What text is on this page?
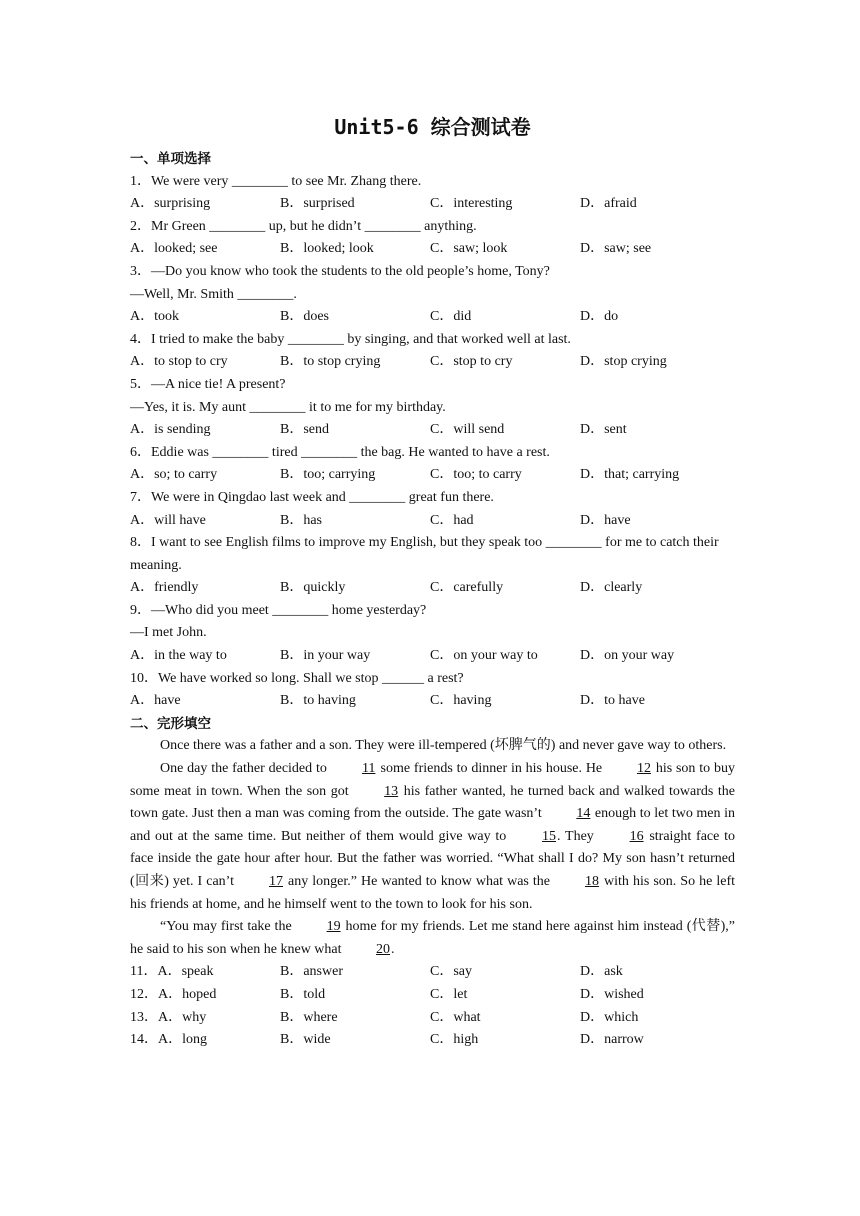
Unit5-6 综合测试卷
一、单项选择
1．We were very ________ to see Mr. Zhang there.
A．surprising	B．surprised	C．interesting	D．afraid
2．Mr Green ________ up, but he didn’t ________ anything.
A．looked; see	B．looked; look	C．saw; look	D．saw; see
3．—Do you know who took the students to the old people’s home, Tony?
—Well, Mr. Smith ________.
A．took	B．does	C．did	D．do
4．I tried to make the baby ________ by singing, and that worked well at last.
A．to stop to cry	B．to stop crying	C．stop to cry	D．stop crying
5．—A nice tie! A present?
—Yes, it is. My aunt ________ it to me for my birthday.
A．is sending	B．send	C．will send	D．sent
6．Eddie was ________ tired ________ the bag. He wanted to have a rest.
A．so; to carry	B．too; carrying	C．too; to carry	D．that; carrying
7．We were in Qingdao last week and ________ great fun there.
A．will have	B．has	C．had	D．have
8．I want to see English films to improve my English, but they speak too ________ for me to catch their meaning.
A．friendly	B．quickly	C．carefully	D．clearly
9．—Who did you meet ________ home yesterday?
—I met John.
A．in the way to	B．in your way	C．on your way to	D．on your way
10．We have worked so long. Shall we stop ______ a rest?
A．have	B．to having	C．having	D．to have
二、完形填空
Once there was a father and a son. They were ill-tempered (坏脾气的) and never gave way to others.
One day the father decided to 11 some friends to dinner in his house. He 12 his son to buy some meat in town. When the son got 13 his father wanted, he turned back and walked towards the town gate. Just then a man was coming from the outside. The gate wasn’t 14 enough to let two men in and out at the same time. But neither of them would give way to 15. They 16 straight face to face inside the gate hour after hour. But the father was worried. “What shall I do? My son hasn’t returned (回来) yet. I can’t 17 any longer.” He wanted to know what was the 18 with his son. So he left his friends at home, and he himself went to the town to look for his son.
“You may first take the 19 home for my friends. Let me stand here against him instead (代替),” he said to his son when he knew what 20.
11．A．speak	B．answer	C．say	D．ask
12．A．hoped	B．told	C．let	D．wished
13．A．why	B．where	C．what	D．which
14．A．long	B．wide	C．high	D．narrow
